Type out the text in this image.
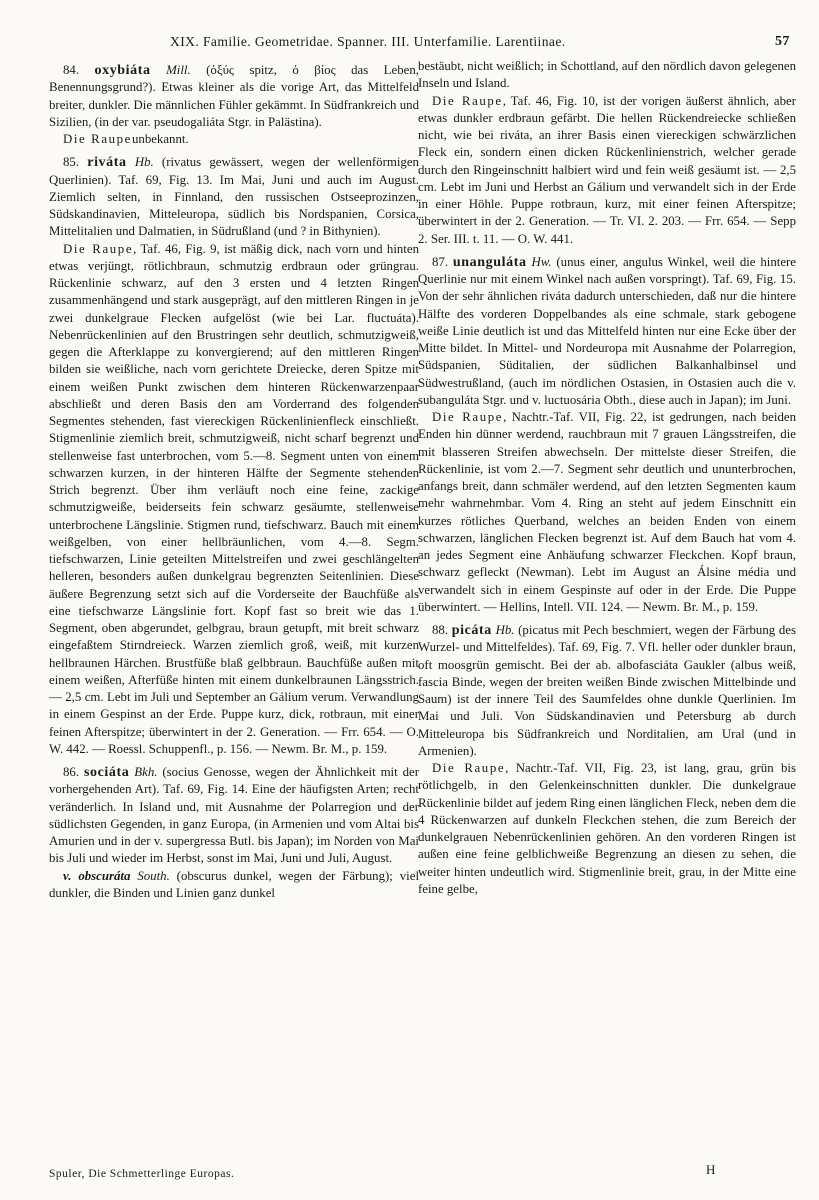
XIX. Familie. Geometridae. Spanner. III. Unterfamilie. Larentiinae.	57

84. oxybiáta Mill. (ὀξύς spitz, ὁ βίος das Leben, Benennungsgrund?). Etwas kleiner als die vorige Art, das Mittelfeld breiter, dunkler. Die männlichen Fühler gekämmt. In Südfrankreich und Sizilien, (in der var. pseudogaliáta Stgr. in Palästina).

Die Raupeunbekannt.

85. riváta Hb. (rivatus gewässert, wegen der wellenförmigen Querlinien). Taf. 69, Fig. 13. Im Mai, Juni und auch im August. Ziemlich selten, in Finnland, den russischen Ostseeprozinzen, Südskandinavien, Mitteleuropa, südlich bis Nordspanien, Corsica, Mittelitalien und Dalmatien, in Südrußland (und ? in Bithynien).

Die Raupe, Taf. 46, Fig. 9, ist mäßig dick, nach vorn und hinten etwas verjüngt, rötlichbraun, schmutzig erdbraun oder grüngrau. Rückenlinie schwarz, auf den 3 ersten und 4 letzten Ringen zusammenhängend und stark ausgeprägt, auf den mittleren Ringen in je zwei dunkelgraue Flecken aufgelöst (wie bei Lar. fluctuáta). Nebenrückenlinien auf den Brustringen sehr deutlich, schmutzigweiß, gegen die Afterklappe zu konvergierend; auf den mittleren Ringen bilden sie weißliche, nach vorn gerichtete Dreiecke, deren Spitze mit einem weißen Punkt zwischen dem hinteren Rückenwarzenpaar abschließt und deren Basis den am Vorderrand des folgenden Segmentes stehenden, fast viereckigen Rückenlinienfleck einschließt. Stigmenlinie ziemlich breit, schmutzigweiß, nicht scharf begrenzt und stellenweise fast unterbrochen, vom 5.—8. Segment unten von einem schwarzen kurzen, in der hinteren Hälfte der Segmente stehenden Strich begrenzt. Über ihm verläuft noch eine feine, zackige schmutzigweiße, beiderseits fein schwarz gesäumte, stellenweise unterbrochene Längslinie. Stigmen rund, tiefschwarz. Bauch mit einem weißgelben, von einer hellbräunlichen, vom 4.—8. Segm. tiefschwarzen, Linie geteilten Mittelstreifen und zwei geschlängelten helleren, besonders außen dunkelgrau begrenzten Seitenlinien. Diese äußere Begrenzung setzt sich auf die Vorderseite der Bauchfüße als eine tiefschwarze Längslinie fort. Kopf fast so breit wie das 1. Segment, oben abgerundet, gelbgrau, braun getupft, mit breit schwarz eingefaßtem Stirndreieck. Warzen ziemlich groß, weiß, mit kurzen hellbraunen Härchen. Brustfüße blaß gelbbraun. Bauchfüße außen mit einem weißen, Afterfüße hinten mit einem dunkelbraunen Längsstrich. — 2,5 cm. Lebt im Juli und September an Gálium verum. Verwandlung in einem Gespinst an der Erde. Puppe kurz, dick, rotbraun, mit einer feinen Afterspitze; überwintert in der 2. Generation. — Frr. 654. — O. W. 442. — Roessl. Schuppenfl., p. 156. — Newm. Br. M., p. 159.

86. sociáta Bkh. (socius Genosse, wegen der Ähnlichkeit mit der vorhergehenden Art). Taf. 69, Fig. 14. Eine der häufigsten Arten; recht veränderlich. In Island und, mit Ausnahme der Polarregion und der südlichsten Gegenden, in ganz Europa, (in Armenien und vom Altai bis Amurien und in der v. supergressa Butl. bis Japan); im Norden von Mai bis Juli und wieder im Herbst, sonst im Mai, Juni und Juli, August.

v. obscuráta South. (obscurus dunkel, wegen der Färbung); viel dunkler, die Binden und Linien ganz dunkel

bestäubt, nicht weißlich; in Schottland, auf den nördlich davon gelegenen Inseln und Island.

Die Raupe, Taf. 46, Fig. 10, ist der vorigen äußerst ähnlich, aber etwas dunkler erdbraun gefärbt. Die hellen Rückendreiecke schließen nicht, wie bei riváta, an ihrer Basis einen viereckigen schwärzlichen Fleck ein, sondern einen dicken Rückenlinienstrich, welcher gerade durch den Ringeinschnitt halbiert wird und fein weiß gesäumt ist. — 2,5 cm. Lebt im Juni und Herbst an Gálium und verwandelt sich in der Erde in einer Höhle. Puppe rotbraun, kurz, mit einer feinen Afterspitze; überwintert in der 2. Generation. — Tr. VI. 2. 203. — Frr. 654. — Sepp 2. Ser. III. t. 11. — O. W. 441.

87. unanguláta Hw. (unus einer, angulus Winkel, weil die hintere Querlinie nur mit einem Winkel nach außen vorspringt). Taf. 69, Fig. 15. Von der sehr ähnlichen riváta dadurch unterschieden, daß nur die hintere Hälfte des vorderen Doppelbandes als eine schmale, stark gebogene weiße Linie deutlich ist und das Mittelfeld hinten nur eine Ecke über der Mitte bildet. In Mittel- und Nordeuropa mit Ausnahme der Polarregion, Südspanien, Süditalien, der südlichen Balkanhalbinsel und Südwestrußland, (auch im nördlichen Ostasien, in Ostasien auch die v. subanguláta Stgr. und v. luctuosária Obth., diese auch in Japan); im Juni.

Die Raupe, Nachtr.-Taf. VII, Fig. 22, ist gedrungen, nach beiden Enden hin dünner werdend, rauchbraun mit 7 grauen Längsstreifen, die mit blasseren Streifen abwechseln. Der mittelste dieser Streifen, die Rückenlinie, ist vom 2.—7. Segment sehr deutlich und ununterbrochen, anfangs breit, dann schmäler werdend, auf den letzten Segmenten kaum mehr wahrnehmbar. Vom 4. Ring an steht auf jedem Einschnitt ein kurzes rötliches Querband, welches an beiden Enden von einem schwarzen, länglichen Flecken begrenzt ist. Auf dem Bauch hat vom 4. an jedes Segment eine Anhäufung schwarzer Fleckchen. Kopf braun, schwarz gefleckt (Newman). Lebt im August an Álsine média und verwandelt sich in einem Gespinste auf oder in der Erde. Die Puppe überwintert. — Hellins, Intell. VII. 124. — Newm. Br. M., p. 159.

88. picáta Hb. (picatus mit Pech beschmiert, wegen der Färbung des Wurzel- und Mittelfeldes). Taf. 69, Fig. 7. Vfl. heller oder dunkler braun, oft moosgrün gemischt. Bei der ab. albofasciáta Gaukler (albus weiß, fascia Binde, wegen der breiten weißen Binde zwischen Mittelbinde und Saum) ist der innere Teil des Saumfeldes ohne dunkle Querlinien. Im Mai und Juli. Von Südskandinavien und Petersburg ab durch Mitteleuropa bis Südfrankreich und Norditalien, am Ural (und in Armenien).

Die Raupe, Nachtr.-Taf. VII, Fig. 23, ist lang, grau, grün bis rötlichgelb, in den Gelenkeinschnitten dunkler. Die dunkelgraue Rückenlinie bildet auf jedem Ring einen länglichen Fleck, neben dem die 4 Rückenwarzen auf dunkeln Fleckchen stehen, die zum Bereich der dunkelgrauen Nebenrückenlinien gehören. An den vorderen Ringen ist außen eine feine gelblichweiße Begrenzung an diesen zu sehen, die weiter hinten undeutlich wird. Stigmenlinie breit, grau, in der Mitte eine feine gelbe,

Spuler, Die Schmetterlinge Europas.	H
